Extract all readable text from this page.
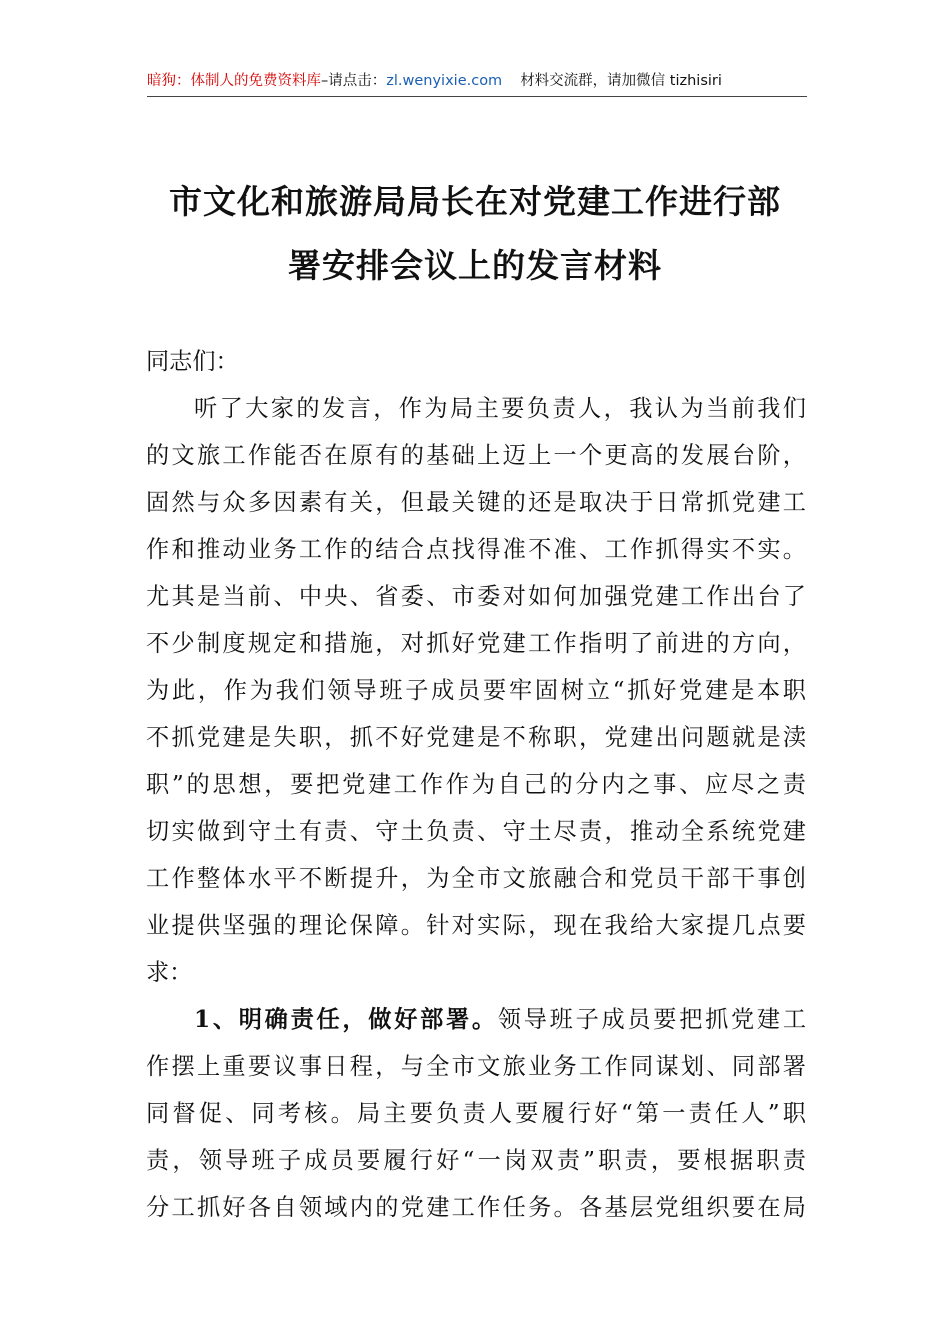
暗狗：体制人的免费资料库–请点击：zl.wenyixie.com 材料交流群，请加微信 tizhisiri
市文化和旅游局局长在对党建工作进行部
署安排会议上的发言材料
同志们：
听了大家的发言，作为局主要负责人，我认为当前我们
的文旅工作能否在原有的基础上迈上一个更高的发展台阶，
固然与众多因素有关，但最关键的还是取决于日常抓党建工
作和推动业务工作的结合点找得准不准、工作抓得实不实。
尤其是当前、中央、省委、市委对如何加强党建工作出台了
不少制度规定和措施，对抓好党建工作指明了前进的方向，
为此，作为我们领导班子成员要牢固树立“抓好党建是本职
不抓党建是失职，抓不好党建是不称职，党建出问题就是渎
职”的思想，要把党建工作作为自己的分内之事、应尽之责
切实做到守土有责、守土负责、守土尽责，推动全系统党建
工作整体水平不断提升，为全市文旅融合和党员干部干事创
业提供坚强的理论保障。针对实际，现在我给大家提几点要
求：
1、明确责任，做好部署。领导班子成员要把抓党建工
作摆上重要议事日程，与全市文旅业务工作同谋划、同部署
同督促、同考核。局主要负责人要履行好“第一责任人”职
责，领导班子成员要履行好“一岗双责”职责，要根据职责
分工抓好各自领域内的党建工作任务。各基层党组织要在局
